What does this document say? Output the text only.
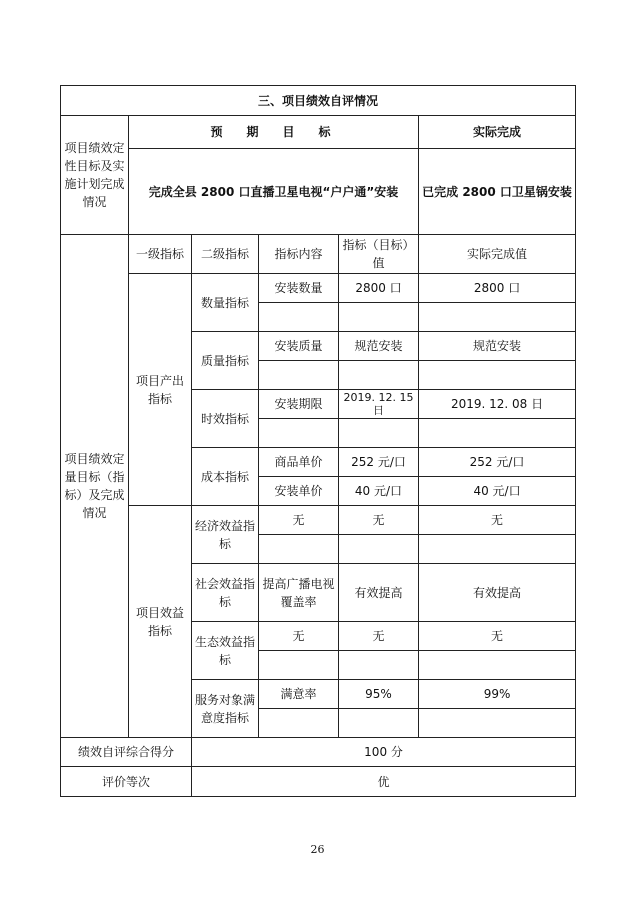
三、项目绩效自评情况					
项目绩效定性目标及实施计划完成情况	预　期　目　标				实际完成
	完成全县 2800 口直播卫星电视“户户通”安装				已完成 2800 口卫星锅安装
项目绩效定量目标（指标）及完成情况	一级指标	二级指标	指标内容	指标（目标）值	实际完成值
	项目产出指标	数量指标	安装数量	2800 口	2800 口

		质量指标	安装质量	规范安装	规范安装

		时效指标	安装期限	2019. 12. 15 日	2019. 12. 08 日

		成本指标	商品单价	252 元/口	252 元/口
			安装单价	40 元/口	40 元/口
	项目效益指标	经济效益指标	无	无	无

		社会效益指标	提高广播电视覆盖率	有效提高	有效提高

		生态效益指标	无	无	无

		服务对象满意度指标	满意率	95%	99%

绩效自评综合得分		100 分			
评价等次		优			
26
